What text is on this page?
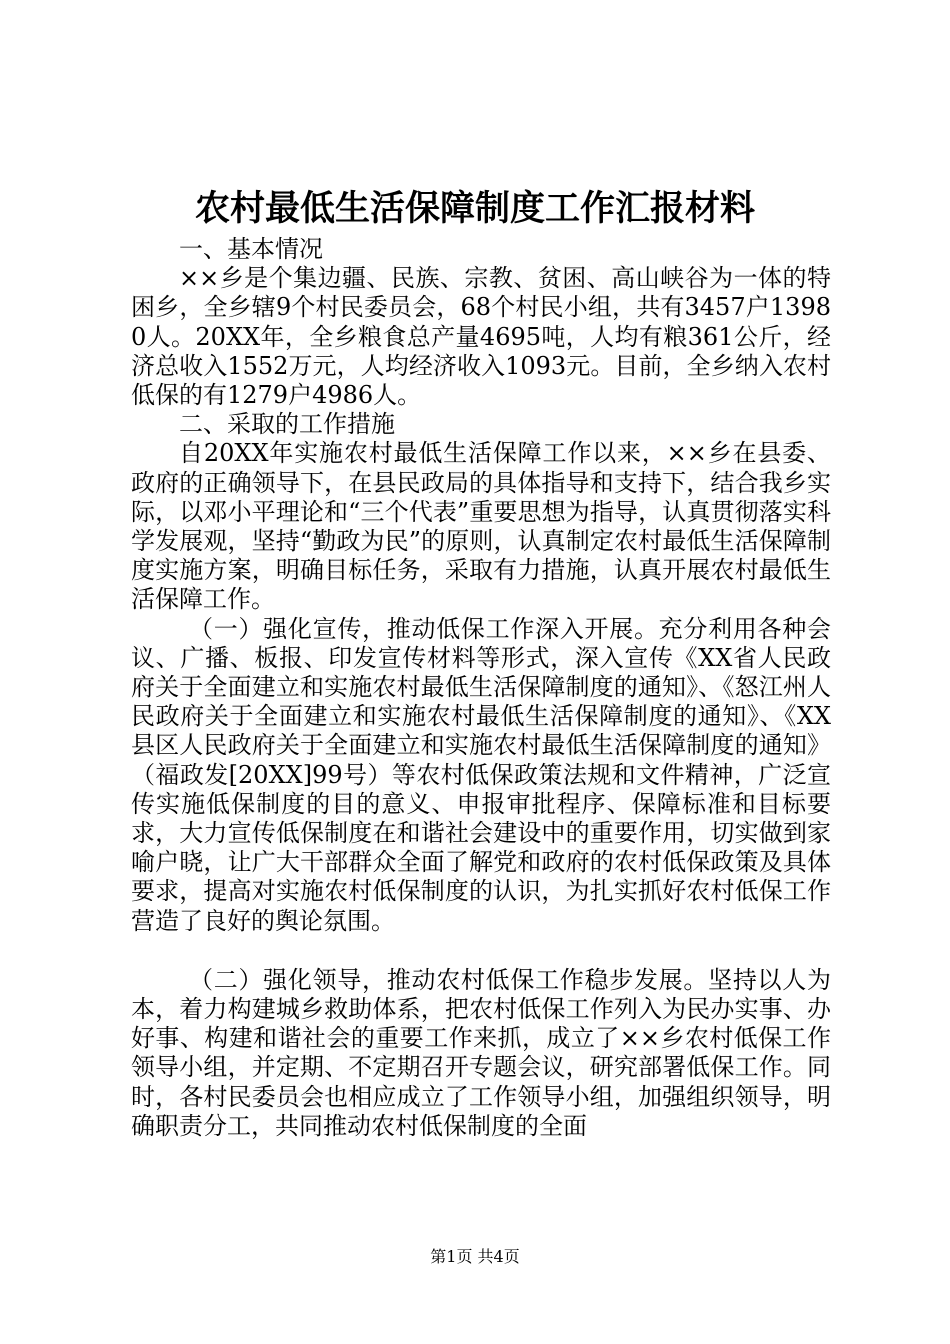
农村最低生活保障制度工作汇报材料

一、基本情况

××乡是个集边疆、民族、宗教、贫困、高山峡谷为一体的特困乡，全乡辖9个村民委员会，68个村民小组，共有3457户13980人。20XX年，全乡粮食总产量4695吨，人均有粮361公斤，经济总收入1552万元，人均经济收入1093元。目前，全乡纳入农村低保的有1279户4986人。

二、采取的工作措施

自20XX年实施农村最低生活保障工作以来，××乡在县委、政府的正确领导下，在县民政局的具体指导和支持下，结合我乡实际，以邓小平理论和“三个代表”重要思想为指导，认真贯彻落实科学发展观，坚持“勤政为民”的原则，认真制定农村最低生活保障制度实施方案，明确目标任务，采取有力措施，认真开展农村最低生活保障工作。

（一）强化宣传，推动低保工作深入开展。充分利用各种会议、广播、板报、印发宣传材料等形式，深入宣传《XX省人民政府关于全面建立和实施农村最低生活保障制度的通知》、《怒江州人民政府关于全面建立和实施农村最低生活保障制度的通知》、《XX县区人民政府关于全面建立和实施农村最低生活保障制度的通知》（福政发[20XX]99号）等农村低保政策法规和文件精神，广泛宣传实施低保制度的目的意义、申报审批程序、保障标准和目标要求，大力宣传低保制度在和谐社会建设中的重要作用，切实做到家喻户晓，让广大干部群众全面了解党和政府的农村低保政策及具体要求，提高对实施农村低保制度的认识，为扎实抓好农村低保工作营造了良好的舆论氛围。

（二）强化领导，推动农村低保工作稳步发展。坚持以人为本，着力构建城乡救助体系，把农村低保工作列入为民办实事、办好事、构建和谐社会的重要工作来抓，成立了××乡农村低保工作领导小组，并定期、不定期召开专题会议，研究部署低保工作。同时，各村民委员会也相应成立了工作领导小组，加强组织领导，明确职责分工，共同推动农村低保制度的全面

第1页 共4页
